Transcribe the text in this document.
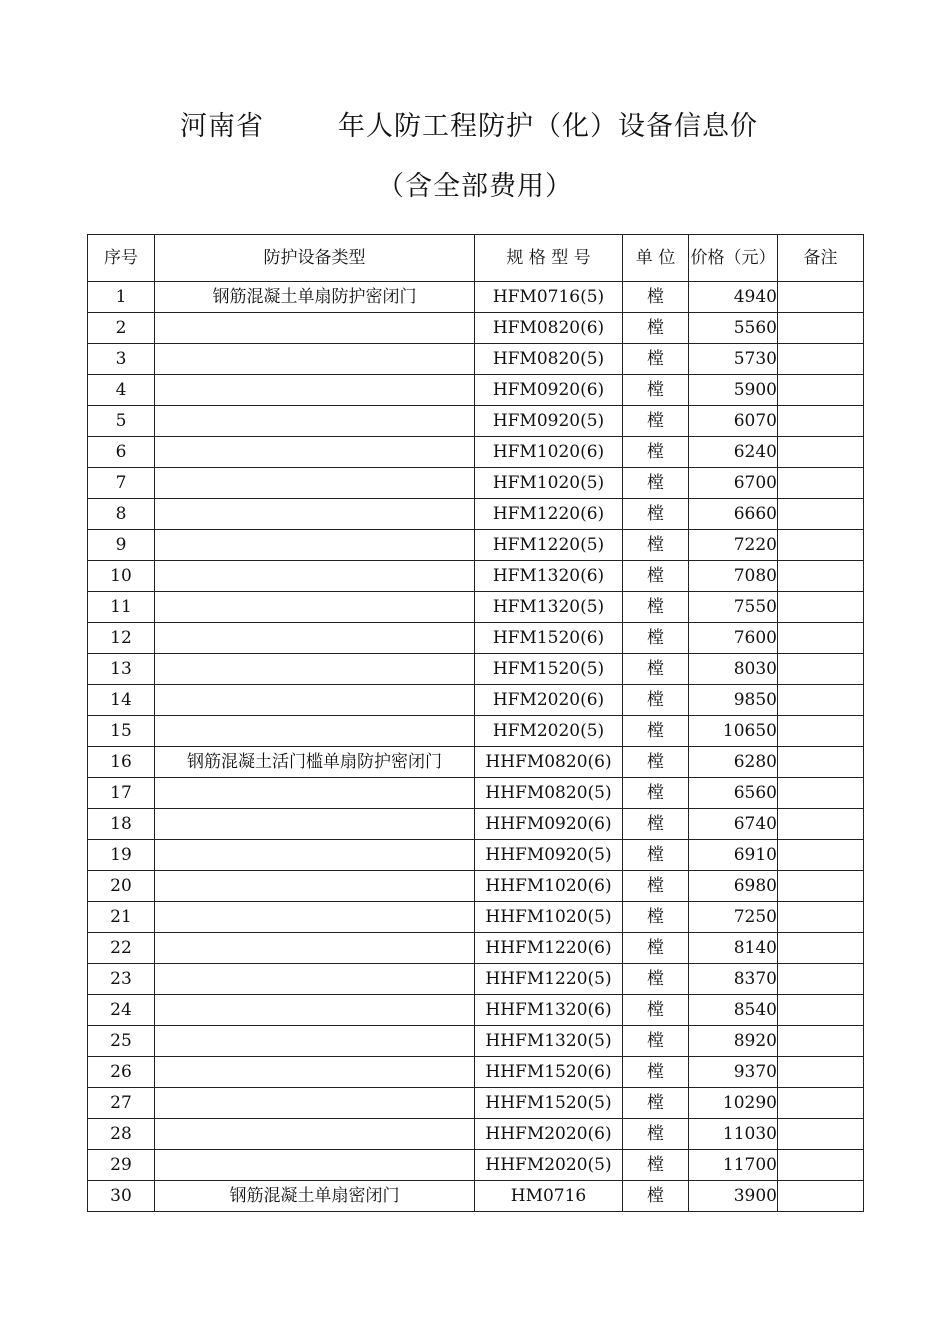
河南省	年人防工程防护（化）设备信息价
（含全部费用）
序号	防护设备类型	规 格 型 号	单 位	价格（元）	备注
1	钢筋混凝土单扇防护密闭门	HFM0716(5)	樘	4940	
2		HFM0820(6)	樘	5560	
3		HFM0820(5)	樘	5730	
4		HFM0920(6)	樘	5900	
5		HFM0920(5)	樘	6070	
6		HFM1020(6)	樘	6240	
7		HFM1020(5)	樘	6700	
8		HFM1220(6)	樘	6660	
9		HFM1220(5)	樘	7220	
10		HFM1320(6)	樘	7080	
11		HFM1320(5)	樘	7550	
12		HFM1520(6)	樘	7600	
13		HFM1520(5)	樘	8030	
14		HFM2020(6)	樘	9850	
15		HFM2020(5)	樘	10650	
16	钢筋混凝土活门槛单扇防护密闭门	HHFM0820(6)	樘	6280	
17		HHFM0820(5)	樘	6560	
18		HHFM0920(6)	樘	6740	
19		HHFM0920(5)	樘	6910	
20		HHFM1020(6)	樘	6980	
21		HHFM1020(5)	樘	7250	
22		HHFM1220(6)	樘	8140	
23		HHFM1220(5)	樘	8370	
24		HHFM1320(6)	樘	8540	
25		HHFM1320(5)	樘	8920	
26		HHFM1520(6)	樘	9370	
27		HHFM1520(5)	樘	10290	
28		HHFM2020(6)	樘	11030	
29		HHFM2020(5)	樘	11700	
30	钢筋混凝土单扇密闭门	HM0716	樘	3900	
